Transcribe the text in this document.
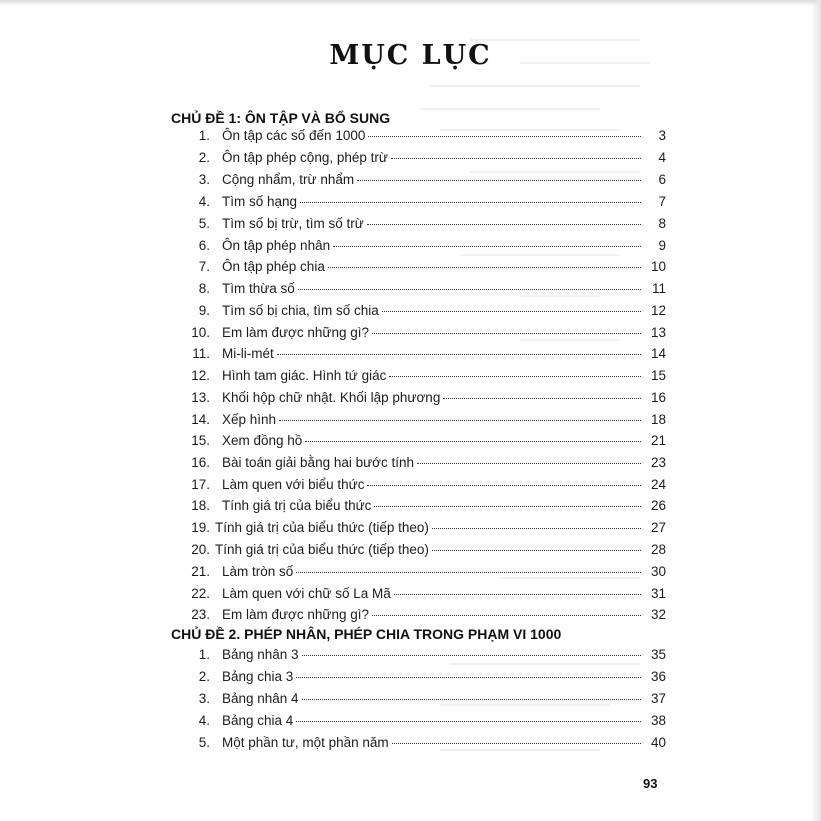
MỤC LỤC
CHỦ ĐỀ 1: ÔN TẬP VÀ BỔ SUNG
1. Ôn tập các số đến 1000	3
2. Ôn tập phép cộng, phép trừ	4
3. Cộng nhẩm, trừ nhẩm	6
4. Tìm số hạng	7
5. Tìm số bị trừ, tìm số trừ	8
6. Ôn tập phép nhân	9
7. Ôn tập phép chia	10
8. Tìm thừa số	11
9. Tìm số bị chia, tìm số chia	12
10. Em làm được những gì?	13
11. Mi-li-mét	14
12. Hình tam giác. Hình tứ giác	15
13. Khối hộp chữ nhật. Khối lập phương	16
14. Xếp hình	18
15. Xem đồng hồ	21
16. Bài toán giải bằng hai bước tính	23
17. Làm quen với biểu thức	24
18. Tính giá trị của biểu thức	26
19. Tính giá trị của biểu thức (tiếp theo)	27
20. Tính giá trị của biểu thức (tiếp theo)	28
21. Làm tròn số	30
22. Làm quen với chữ số La Mã	31
23. Em làm được những gì?	32
CHỦ ĐỀ 2. PHÉP NHÂN, PHÉP CHIA TRONG PHẠM VI 1000
1. Bảng nhân 3	35
2. Bảng chia 3	36
3. Bảng nhân 4	37
4. Bảng chia 4	38
5. Một phần tư, một phần năm	40
93
